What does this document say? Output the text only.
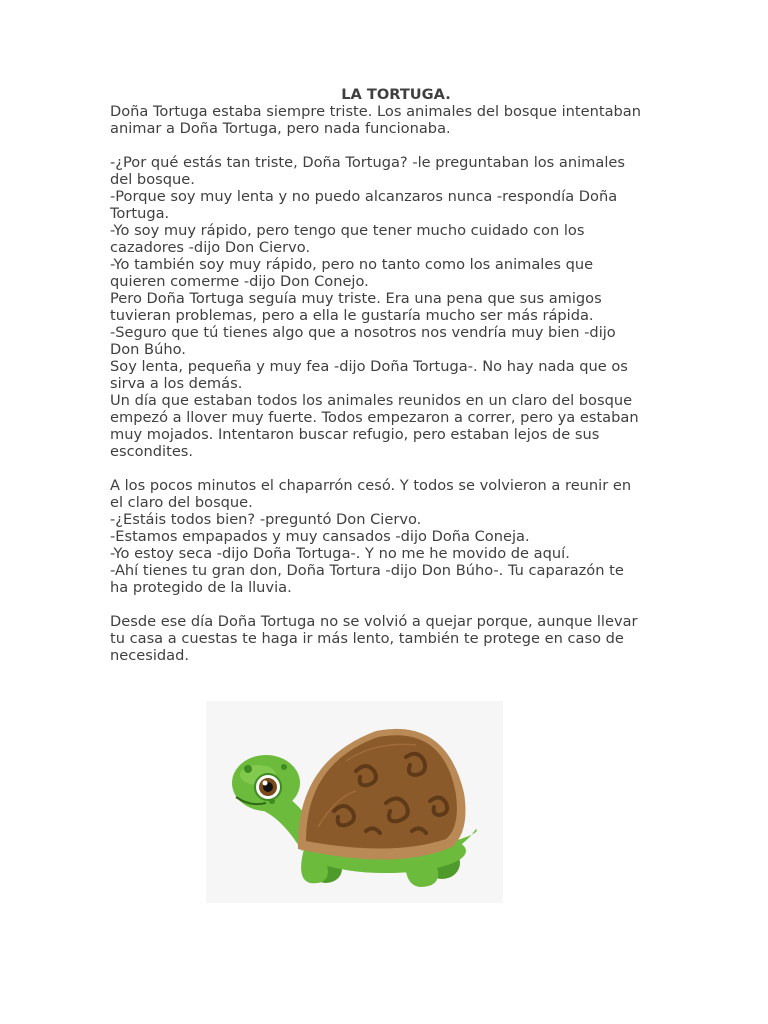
LA TORTUGA.

Doña Tortuga estaba siempre triste. Los animales del bosque intentaban
animar a Doña Tortuga, pero nada funcionaba.

-¿Por qué estás tan triste, Doña Tortuga? -le preguntaban los animales
del bosque.
-Porque soy muy lenta y no puedo alcanzaros nunca -respondía Doña
Tortuga.
-Yo soy muy rápido, pero tengo que tener mucho cuidado con los
cazadores -dijo Don Ciervo.
-Yo también soy muy rápido, pero no tanto como los animales que
quieren comerme -dijo Don Conejo.
Pero Doña Tortuga seguía muy triste. Era una pena que sus amigos
tuvieran problemas, pero a ella le gustaría mucho ser más rápida.
-Seguro que tú tienes algo que a nosotros nos vendría muy bien -dijo
Don Búho.
Soy lenta, pequeña y muy fea -dijo Doña Tortuga-. No hay nada que os
sirva a los demás.
Un día que estaban todos los animales reunidos en un claro del bosque
empezó a llover muy fuerte. Todos empezaron a correr, pero ya estaban
muy mojados. Intentaron buscar refugio, pero estaban lejos de sus
escondites.

A los pocos minutos el chaparrón cesó. Y todos se volvieron a reunir en
el claro del bosque.
-¿Estáis todos bien? -preguntó Don Ciervo.
-Estamos empapados y muy cansados -dijo Doña Coneja.
-Yo estoy seca -dijo Doña Tortuga-. Y no me he movido de aquí.
-Ahí tienes tu gran don, Doña Tortura -dijo Don Búho-. Tu caparazón te
ha protegido de la lluvia.

Desde ese día Doña Tortuga no se volvió a quejar porque, aunque llevar
tu casa a cuestas te haga ir más lento, también te protege en caso de
necesidad.
